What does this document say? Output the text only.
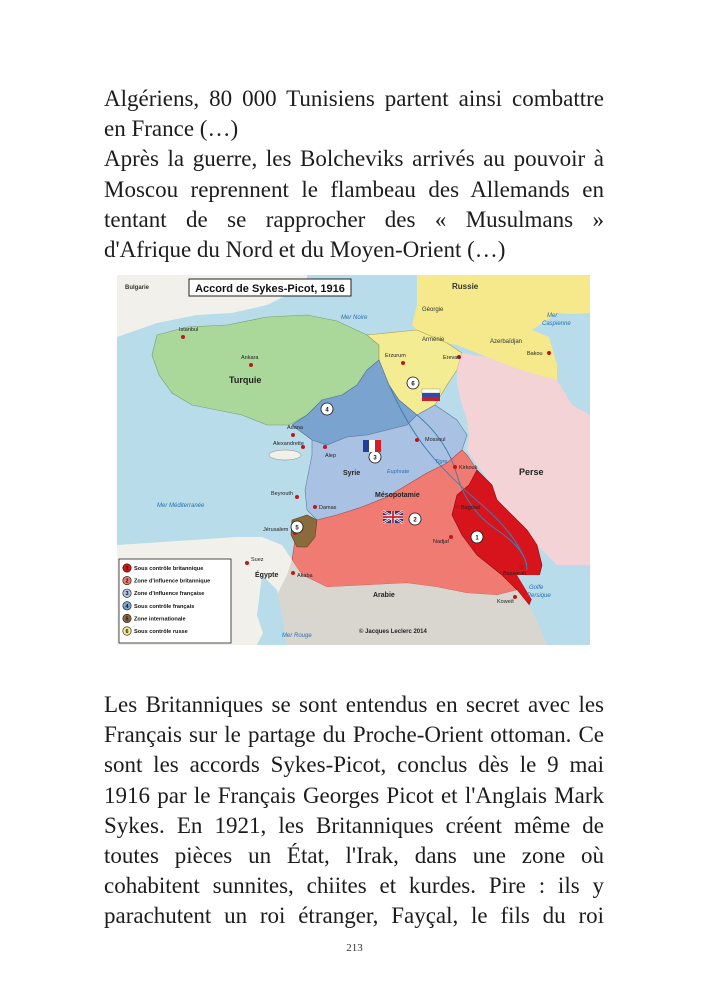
Algériens, 80 000 Tunisiens partent ainsi combattre
en France (…)
Après la guerre, les Bolcheviks arrivés au pouvoir à
Moscou reprennent le flambeau des Allemands en
tentant de se rapprocher des « Musulmans »
d'Afrique du Nord et du Moyen-Orient (…)
Accord de Sykes-Picot, 1916
Bulgarie	Russie
Géorgie
Arménie	Azerbaïdjan
Turquie
Perse
Syrie
Mésopotamie
Égypte
Arabie
Mer Noire	Mer
Caspienne
Mer Méditerranée
Mer Rouge
Golfe
Persique
Euphrate
Tigre
Istanbul
Ankara	Erzurum	Erevan
Bakou
Adana
Alexandrette
Alep
Mossoul
Kirkouk
Beyrouth
Damas	Bagdad
Jérusalem
Nadjaf
Bassorah
Koweït
Suez
Akaba
1
2
3
4
5
6
1 Sous contrôle britannique
2 Zone d'influence britannique
3 Zone d'influence française
4 Sous contrôle français
5 Zone internationale
6 Sous contrôle russe	© Jacques Leclerc 2014
Les Britanniques se sont entendus en secret avec les
Français sur le partage du Proche-Orient ottoman. Ce
sont les accords Sykes-Picot, conclus dès le 9 mai
1916 par le Français Georges Picot et l'Anglais Mark
Sykes. En 1921, les Britanniques créent même de
toutes pièces un État, l'Irak, dans une zone où
cohabitent sunnites, chiites et kurdes. Pire : ils y
parachutent un roi étranger, Fayçal, le fils du roi
213
